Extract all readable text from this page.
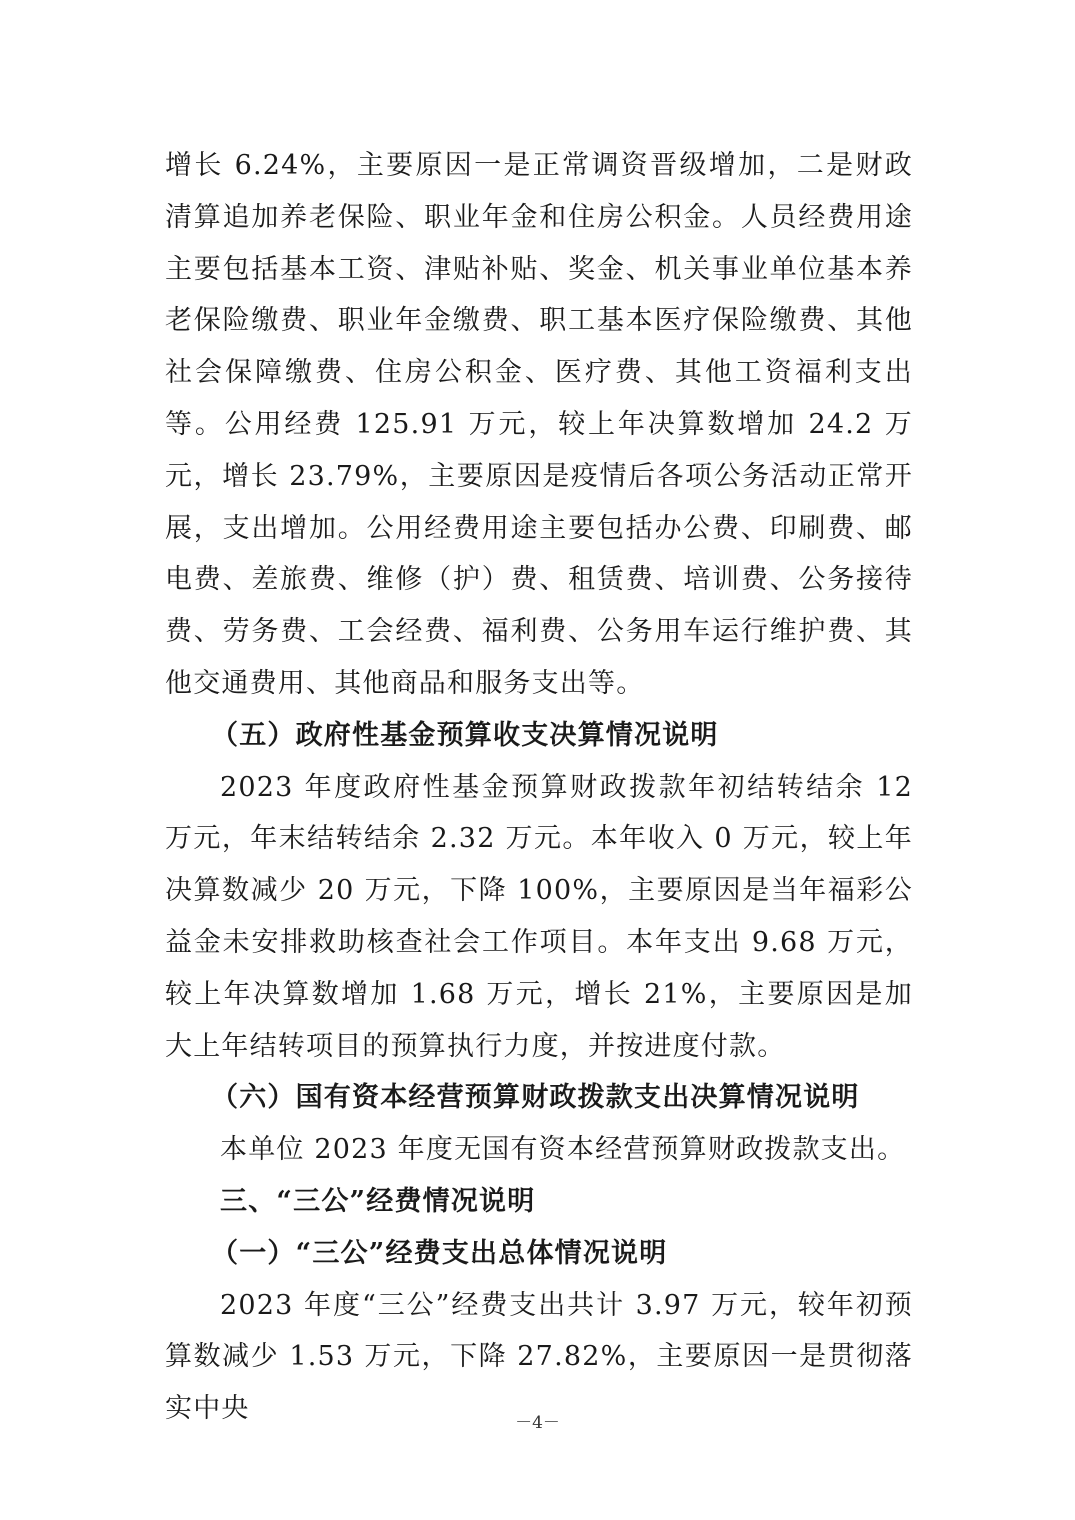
增长 6.24%，主要原因一是正常调资晋级增加，二是财政清算追加养老保险、职业年金和住房公积金。人员经费用途主要包括基本工资、津贴补贴、奖金、机关事业单位基本养老保险缴费、职业年金缴费、职工基本医疗保险缴费、其他社会保障缴费、住房公积金、医疗费、其他工资福利支出等。公用经费 125.91 万元，较上年决算数增加 24.2 万元，增长 23.79%，主要原因是疫情后各项公务活动正常开展，支出增加。公用经费用途主要包括办公费、印刷费、邮电费、差旅费、维修（护）费、租赁费、培训费、公务接待费、劳务费、工会经费、福利费、公务用车运行维护费、其他交通费用、其他商品和服务支出等。

（五）政府性基金预算收支决算情况说明

2023 年度政府性基金预算财政拨款年初结转结余 12 万元，年末结转结余 2.32 万元。本年收入 0 万元，较上年决算数减少 20 万元，下降 100%，主要原因是当年福彩公益金未安排救助核查社会工作项目。本年支出 9.68 万元，较上年决算数增加 1.68 万元，增长 21%，主要原因是加大上年结转项目的预算执行力度，并按进度付款。

（六）国有资本经营预算财政拨款支出决算情况说明

本单位 2023 年度无国有资本经营预算财政拨款支出。

三、“三公”经费情况说明

（一）“三公”经费支出总体情况说明

2023 年度“三公”经费支出共计 3.97 万元，较年初预算数减少 1.53 万元，下降 27.82%，主要原因一是贯彻落实中央	－4－
